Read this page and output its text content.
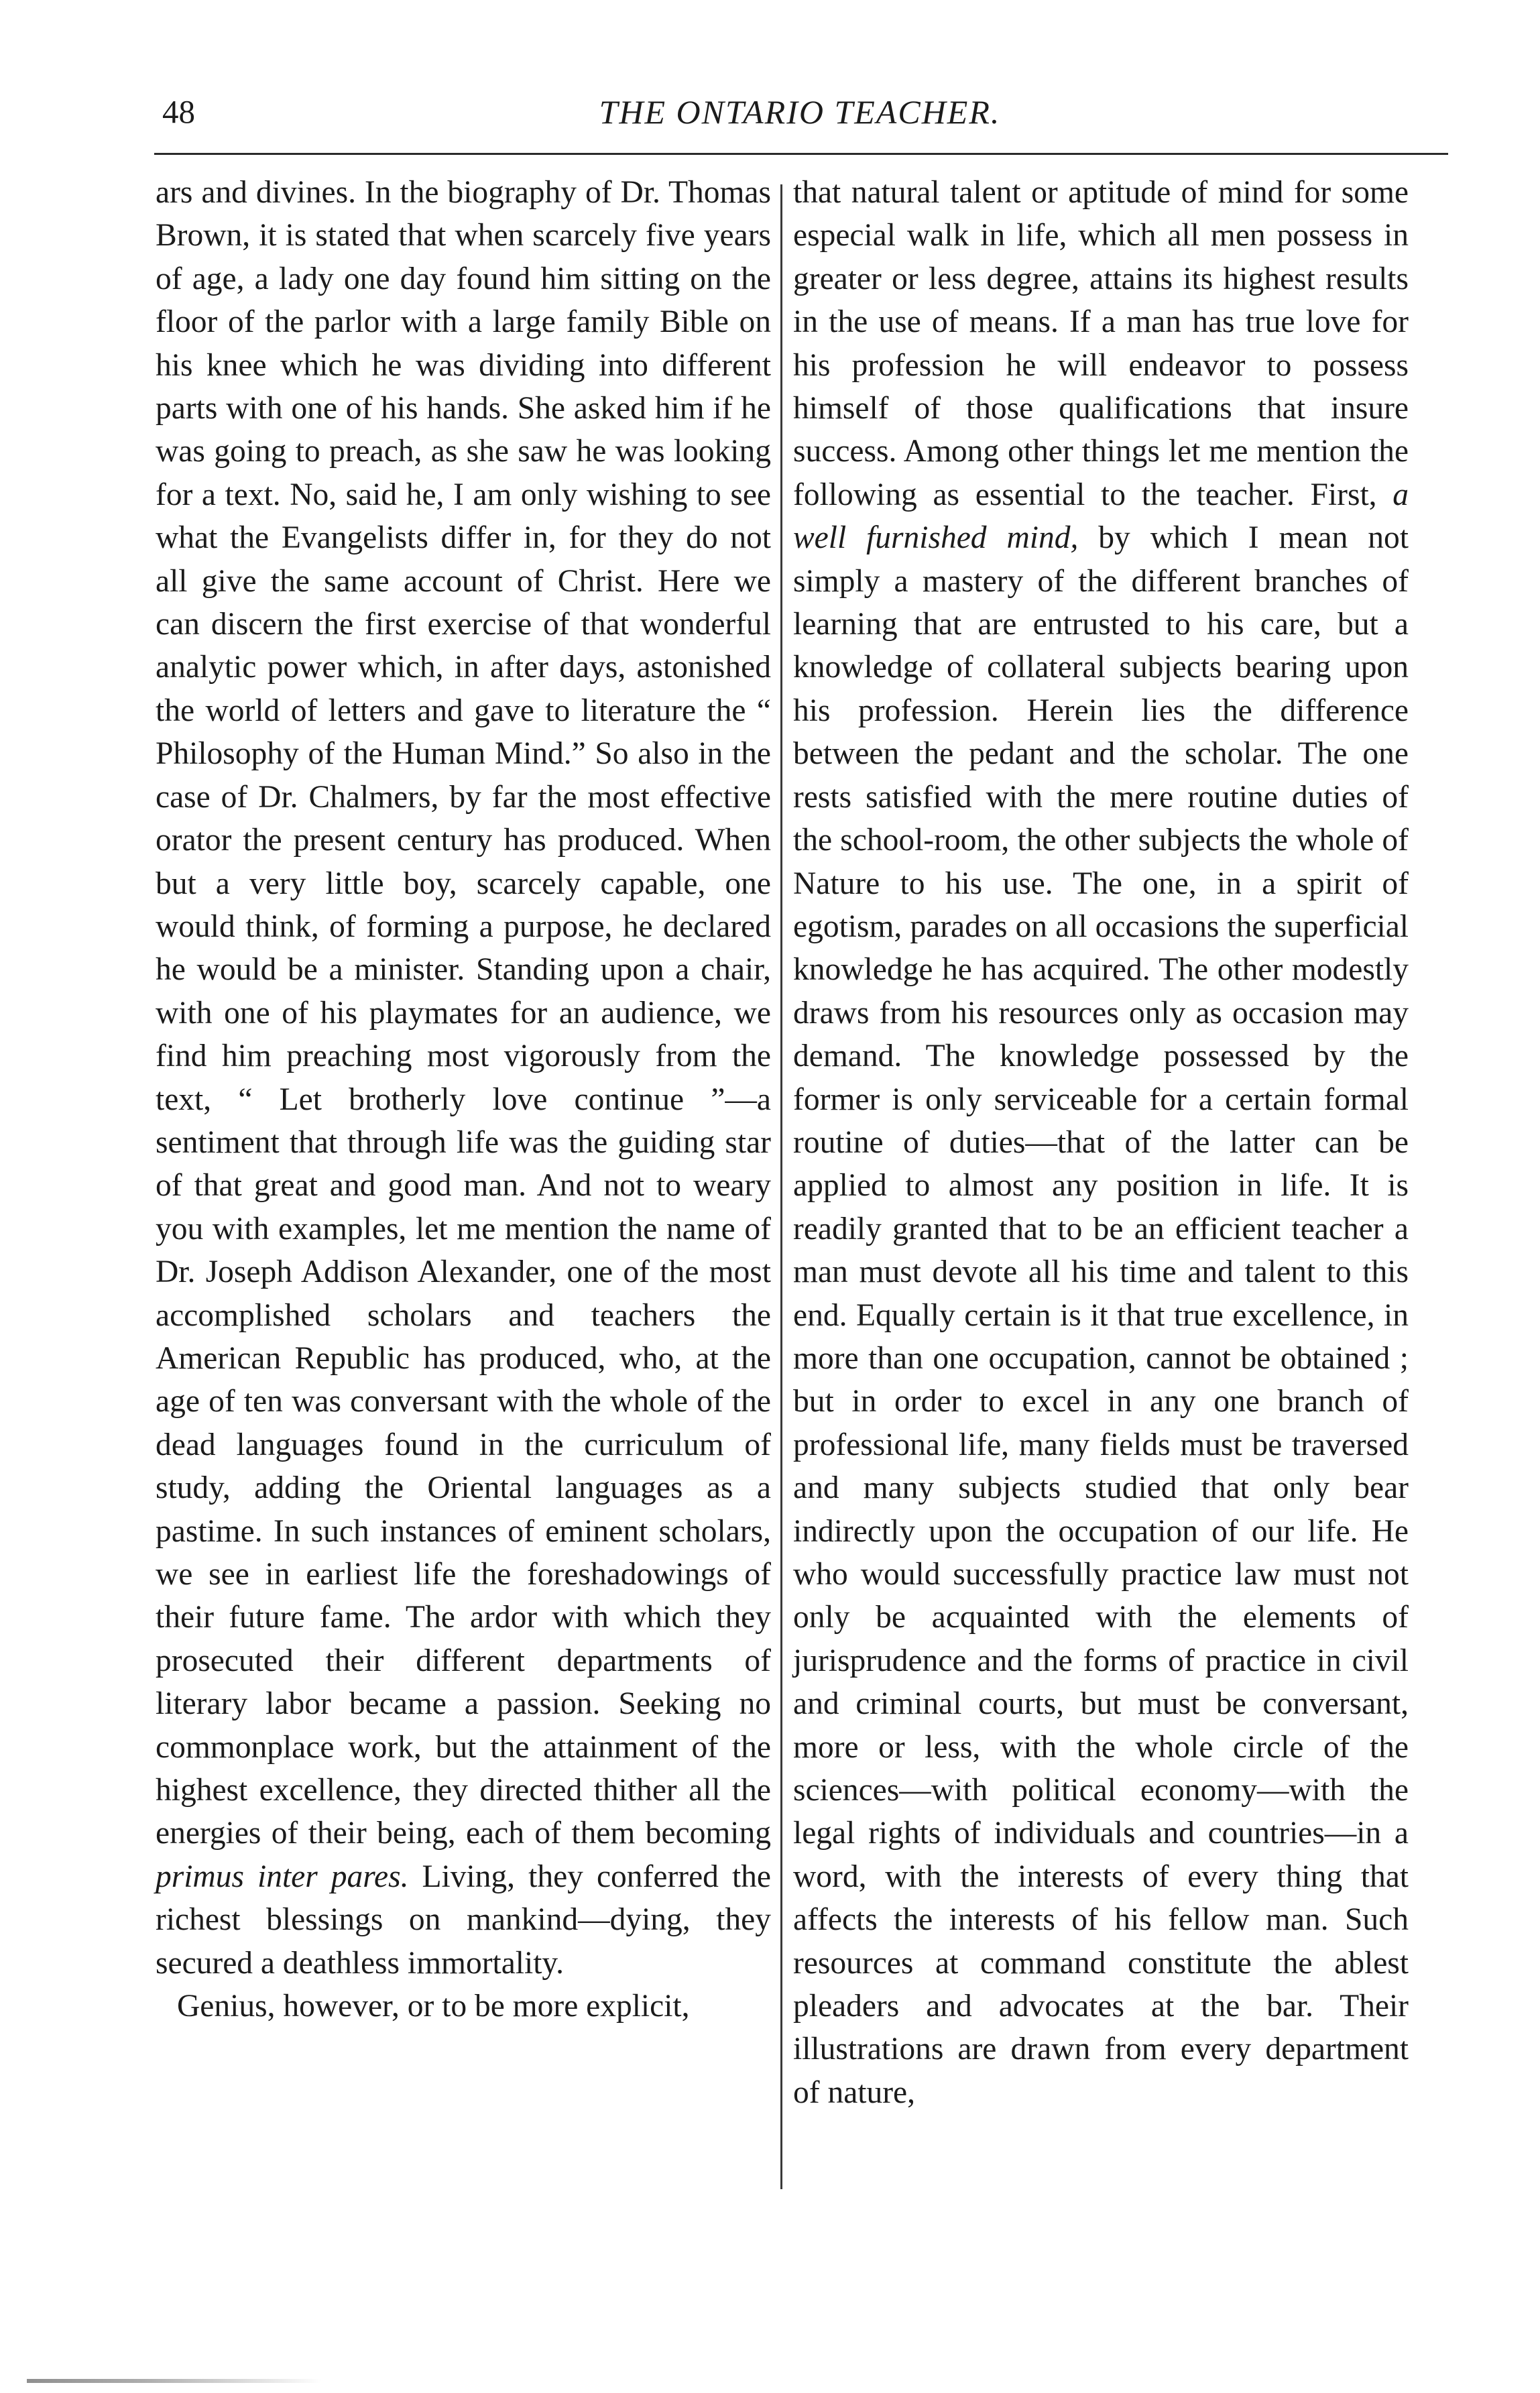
48	THE ONTARIO TEACHER.

ars and divines. In the biography of Dr. Thomas Brown, it is stated that when scarcely five years of age, a lady one day found him sitting on the floor of the parlor with a large family Bible on his knee which he was dividing into different parts with one of his hands. She asked him if he was going to preach, as she saw he was looking for a text. No, said he, I am only wishing to see what the Evangelists differ in, for they do not all give the same account of Christ. Here we can discern the first exercise of that wonderful analytic power which, in after days, astonished the world of letters and gave to literature the “ Philosophy of the Human Mind.” So also in the case of Dr. Chalmers, by far the most effective orator the present century has produced. When but a very little boy, scarcely capable, one would think, of forming a purpose, he declared he would be a minister. Standing upon a chair, with one of his playmates for an audience, we find him preaching most vigorously from the text, “ Let brotherly love continue ”—a sentiment that through life was the guiding star of that great and good man. And not to weary you with examples, let me mention the name of Dr. Joseph Addison Alexander, one of the most accomplished scholars and teachers the American Republic has produced, who, at the age of ten was conversant with the whole of the dead languages found in the curriculum of study, adding the Oriental languages as a pastime. In such instances of eminent scholars, we see in earliest life the foreshadowings of their future fame. The ardor with which they prosecuted their different departments of literary labor became a passion. Seeking no commonplace work, but the attainment of the highest excellence, they directed thither all the energies of their being, each of them becoming primus inter pares. Living, they conferred the richest blessings on mankind—dying, they secured a deathless immortality.

Genius, however, or to be more explicit,

that natural talent or aptitude of mind for some especial walk in life, which all men possess in greater or less degree, attains its highest results in the use of means. If a man has true love for his profession he will endeavor to possess himself of those qualifications that insure success. Among other things let me mention the following as essential to the teacher. First, a well furnished mind, by which I mean not simply a mastery of the different branches of learning that are entrusted to his care, but a knowledge of collateral subjects bearing upon his profession. Herein lies the difference between the pedant and the scholar. The one rests satisfied with the mere routine duties of the school-room, the other subjects the whole of Nature to his use. The one, in a spirit of egotism, parades on all occasions the superficial knowledge he has acquired. The other modestly draws from his resources only as occasion may demand. The knowledge possessed by the former is only serviceable for a certain formal routine of duties—that of the latter can be applied to almost any position in life. It is readily granted that to be an efficient teacher a man must devote all his time and talent to this end. Equally certain is it that true excellence, in more than one occupation, cannot be obtained ; but in order to excel in any one branch of professional life, many fields must be traversed and many subjects studied that only bear indirectly upon the occupation of our life. He who would successfully practice law must not only be acquainted with the elements of jurisprudence and the forms of practice in civil and criminal courts, but must be conversant, more or less, with the whole circle of the sciences—with political economy—with the legal rights of individuals and countries—in a word, with the interests of every thing that affects the interests of his fellow man. Such resources at command constitute the ablest pleaders and advocates at the bar. Their illustrations are drawn from every department of nature,
